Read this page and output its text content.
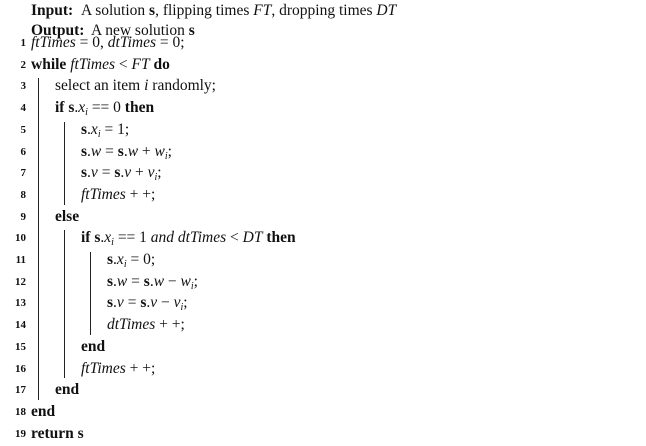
Input: A solution s, flipping times FT, dropping times DT
Output: A new solution s
1 ftTimes = 0, dtTimes = 0;
2 while ftTimes < FT do
3 select an item i randomly;
4 if $s.x_i == 0$ then
5	$s.x_i = 1$;
6	$s.w = s.w + w_i$;
7	$s.v = s.v + v_i$;
8	ftTimes + +;
9 else
10	if $s.x_i == 1$ and dtTimes < DT then
11	$s.x_i = 0$;
12	$s.w = s.w - w_i$;
13	$s.v = s.v - v_i$;
14	dtTimes + +;
15	end
16	ftTimes + +;
17 end
18 end
19 return s
